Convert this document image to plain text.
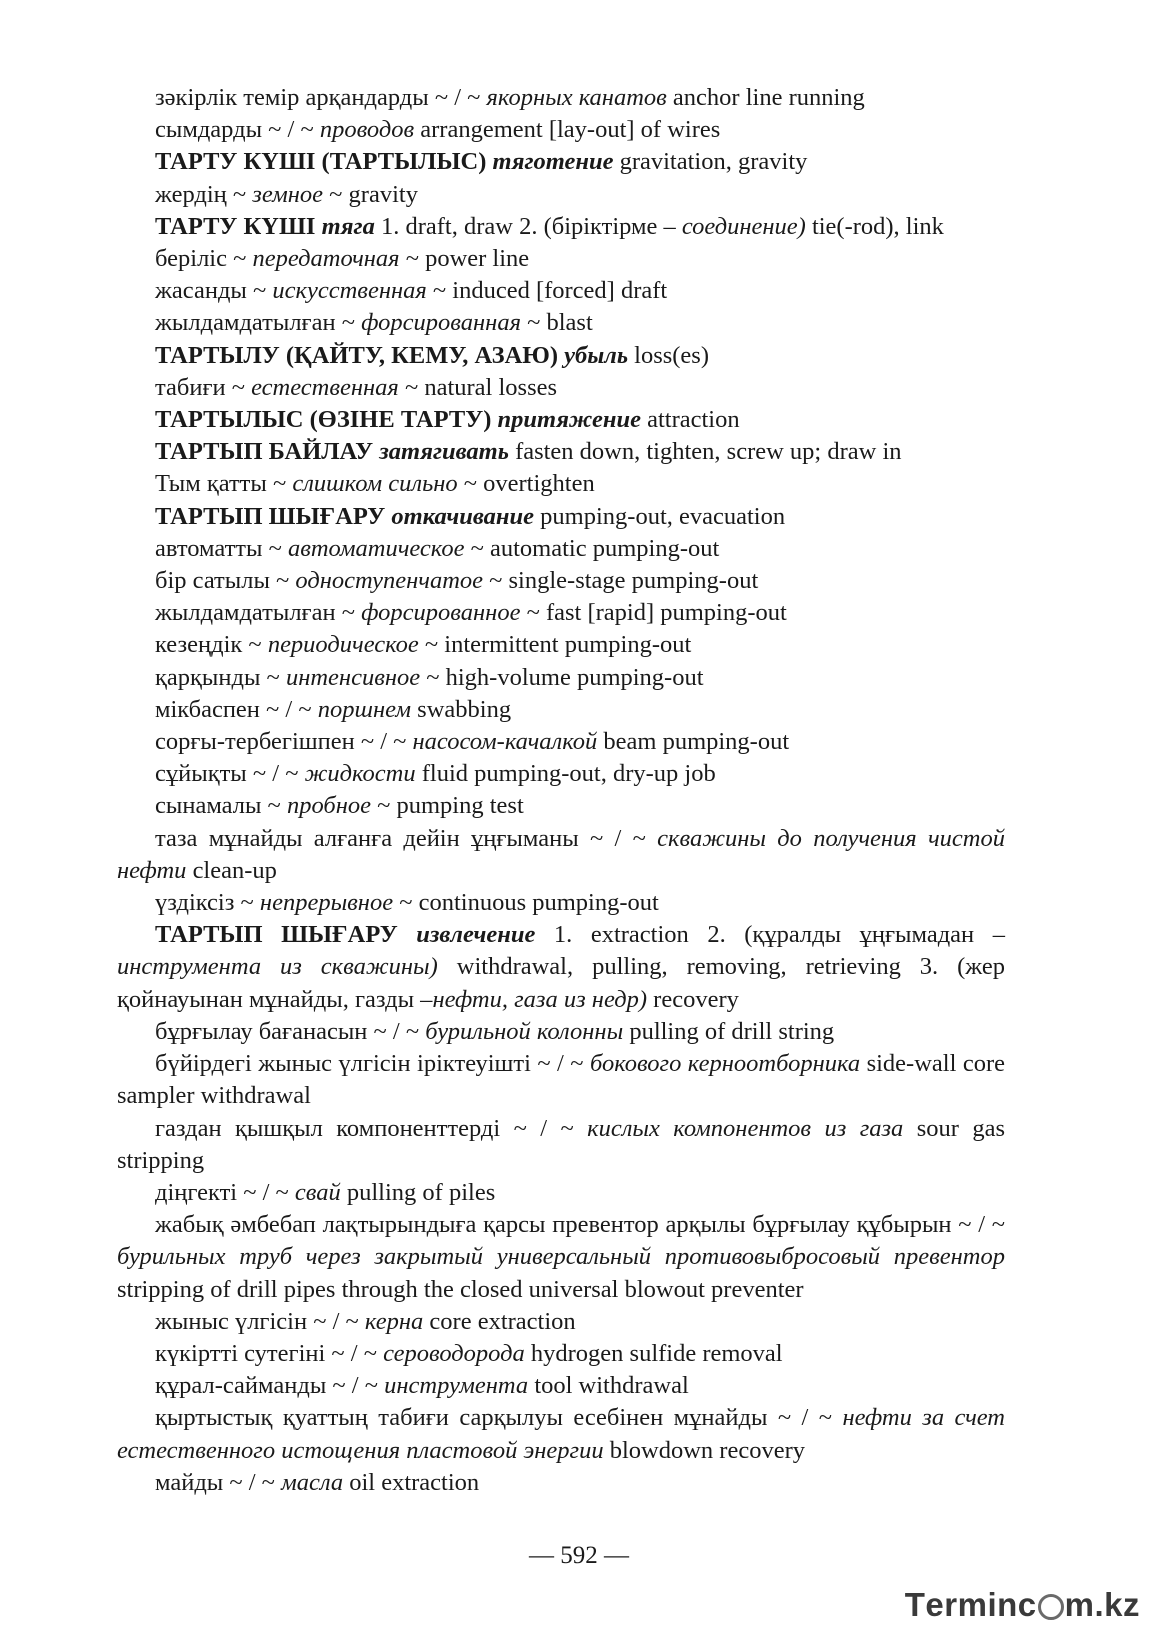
зәкірлік темір арқандарды ~ / ~ якорных канатов anchor line running

сымдарды ~ / ~ проводов arrangement [lay-out] of wires

ТАРТУ КҮШІ (ТАРТЫЛЫС) тяготение gravitation, gravity

жердің ~ земное ~ gravity

ТАРТУ КҮШІ тяга 1. draft, draw 2. (біріктірме – соединение) tie(-rod), link

беріліс ~ передаточная ~ power line

жасанды ~ искусственная ~ induced [forced] draft

жылдамдатылған ~ форсированная ~ blast

ТАРТЫЛУ (ҚАЙТУ, КЕМУ, АЗАЮ) убыль loss(es)

табиғи ~ естественная ~ natural losses

ТАРТЫЛЫС (ӨЗІНЕ ТАРТУ) притяжение attraction

ТАРТЫП БАЙЛАУ затягивать fasten down, tighten, screw up; draw in

Тым қатты ~ слишком сильно ~ overtighten

ТАРТЫП ШЫҒАРУ откачивание pumping-out, evacuation

автоматты ~ автоматическое ~ automatic pumping-out

бір сатылы ~ одноступенчатое ~ single-stage pumping-out

жылдамдатылған ~ форсированное ~ fast [rapid] pumping-out

кезеңдік ~ периодическое ~ intermittent pumping-out

қарқынды ~ интенсивное ~ high-volume pumping-out

мікбаспен ~ / ~ поршнем swabbing

сорғы-тербегішпен ~ / ~ насосом-качалкой beam pumping-out

сұйықты ~ / ~ жидкости fluid pumping-out, dry-up job

сынамалы ~ пробное ~ pumping test

таза мұнайды алғанға дейін ұңғыманы ~ / ~ скважины до получения чистой нефти clean-up

үздіксіз ~ непрерывное ~ continuous pumping-out

ТАРТЫП ШЫҒАРУ извлечение 1. extraction 2. (құралды ұңғымадан – инструмента из скважины) withdrawal, pulling, removing, retrieving 3. (жер қойнауынан мұнайды, газды –нефти, газа из недр) recovery

бұрғылау бағанасын ~ / ~ бурильной колонны pulling of drill string

бүйірдегі жыныс үлгісін іріктеуішті ~ / ~ бокового керноотборника side-wall core sampler withdrawal

газдан қышқыл компоненттерді ~ / ~ кислых компонентов из газа sour gas stripping

діңгекті ~ / ~ свай pulling of piles

жабық әмбебап лақтырындыға қарсы превентор арқылы бұрғылау құбырын ~ / ~ бурильных труб через закрытый универсальный противовыбросовый превентор stripping of drill pipes through the closed universal blowout preventer

жыныс үлгісін ~ / ~ керна core extraction

күкіртті сутегіні ~ / ~ сероводорода hydrogen sulfide removal

құрал-сайманды ~ / ~ инструмента tool withdrawal

қыртыстық қуаттың табиғи сарқылуы есебінен мұнайды ~ / ~ нефти за счет естественного истощения пластовой энергии blowdown recovery

майды ~ / ~ масла oil extraction

— 592 —
T erminc m.kz
